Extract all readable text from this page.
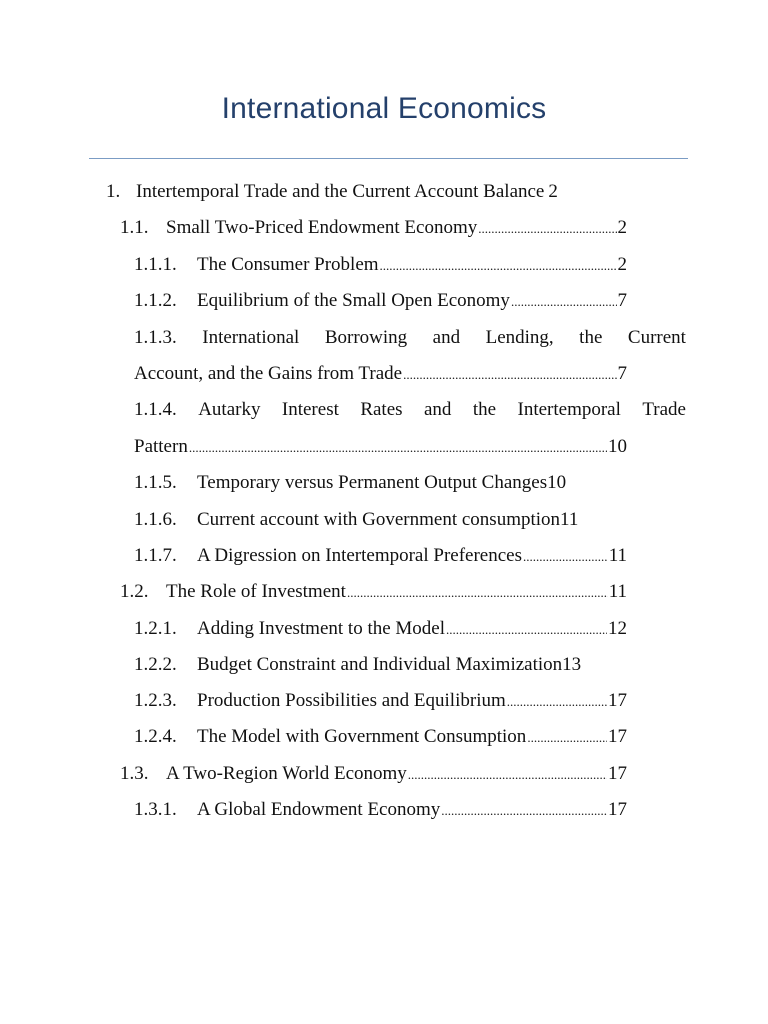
International Economics
1. Intertemporal Trade and the Current Account Balance 2
1.1. Small Two-Priced Endowment Economy .....	2
1.1.1.	The Consumer Problem .....	2
1.1.2.	Equilibrium of the Small Open Economy .....	7
1.1.3. International Borrowing and Lending, the Current
Account, and the Gains from Trade .....	7
1.1.4. Autarky Interest Rates and the Intertemporal Trade
Pattern .....	10
1.1.5.	Temporary versus Permanent Output Changes 10
1.1.6.	Current account with Government consumption 11
1.1.7.	A Digression on Intertemporal Preferences .....	11
1.2. The Role of Investment .....	11
1.2.1.	Adding Investment to the Model .....	12
1.2.2.	Budget Constraint and Individual Maximization 13
1.2.3.	Production Possibilities and Equilibrium .....	17
1.2.4.	The Model with Government Consumption .....	17
1.3. A Two-Region World Economy .....	17
1.3.1.	A Global Endowment Economy .....	17
